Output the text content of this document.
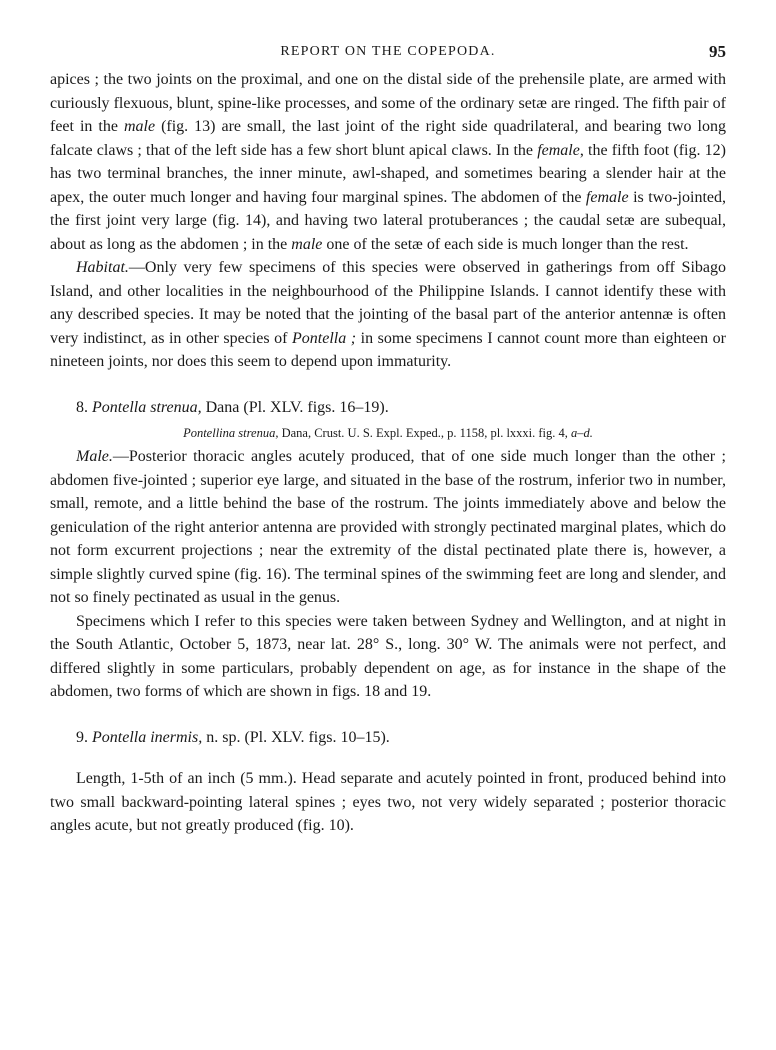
REPORT ON THE COPEPODA.	95

apices ; the two joints on the proximal, and one on the distal side of the prehensile plate, are armed with curiously flexuous, blunt, spine-like processes, and some of the ordinary setæ are ringed. The fifth pair of feet in the male (fig. 13) are small, the last joint of the right side quadrilateral, and bearing two long falcate claws ; that of the left side has a few short blunt apical claws. In the female, the fifth foot (fig. 12) has two terminal branches, the inner minute, awl-shaped, and sometimes bearing a slender hair at the apex, the outer much longer and having four marginal spines. The abdomen of the female is two-jointed, the first joint very large (fig. 14), and having two lateral protuberances ; the caudal setæ are subequal, about as long as the abdomen ; in the male one of the setæ of each side is much longer than the rest.

Habitat.—Only very few specimens of this species were observed in gatherings from off Sibago Island, and other localities in the neighbourhood of the Philippine Islands. I cannot identify these with any described species. It may be noted that the jointing of the basal part of the anterior antennæ is often very indistinct, as in other species of Pontella ; in some specimens I cannot count more than eighteen or nineteen joints, nor does this seem to depend upon immaturity.

8. Pontella strenua, Dana (Pl. XLV. figs. 16–19).

Pontellina strenua, Dana, Crust. U. S. Expl. Exped., p. 1158, pl. lxxxi. fig. 4, a–d.

Male.—Posterior thoracic angles acutely produced, that of one side much longer than the other ; abdomen five-jointed ; superior eye large, and situated in the base of the rostrum, inferior two in number, small, remote, and a little behind the base of the rostrum. The joints immediately above and below the geniculation of the right anterior antenna are provided with strongly pectinated marginal plates, which do not form excurrent projections ; near the extremity of the distal pectinated plate there is, however, a simple slightly curved spine (fig. 16). The terminal spines of the swimming feet are long and slender, and not so finely pectinated as usual in the genus.

Specimens which I refer to this species were taken between Sydney and Wellington, and at night in the South Atlantic, October 5, 1873, near lat. 28° S., long. 30° W. The animals were not perfect, and differed slightly in some particulars, probably dependent on age, as for instance in the shape of the abdomen, two forms of which are shown in figs. 18 and 19.

9. Pontella inermis, n. sp. (Pl. XLV. figs. 10–15).

Length, 1-5th of an inch (5 mm.). Head separate and acutely pointed in front, produced behind into two small backward-pointing lateral spines ; eyes two, not very widely separated ; posterior thoracic angles acute, but not greatly produced (fig. 10).
